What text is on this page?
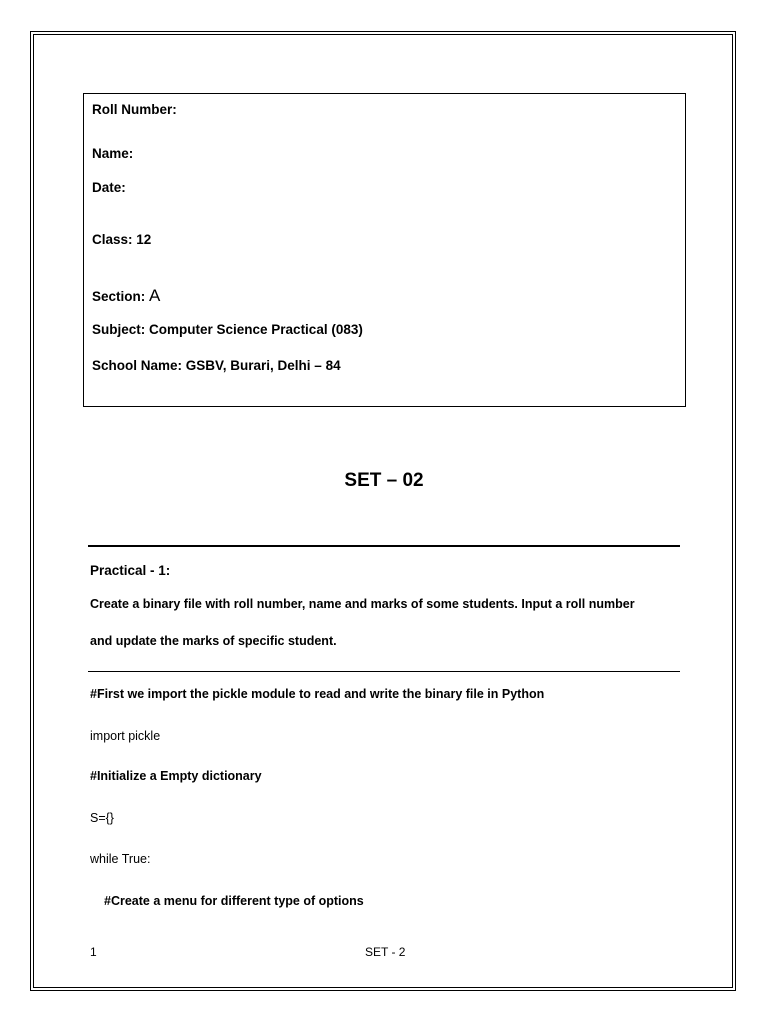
Roll Number:
Name:
Date:
Class: 12
Section: A
Subject: Computer Science Practical (083)
School Name: GSBV, Burari, Delhi – 84
SET – 02
Practical - 1:
Create a binary file with roll number, name and marks of some students. Input a roll number
and update the marks of specific student.
#First we import the pickle module to read and write the binary file in Python
import pickle
#Initialize a Empty dictionary
S={}
while True:
#Create a menu for different type of options
1	SET - 2
